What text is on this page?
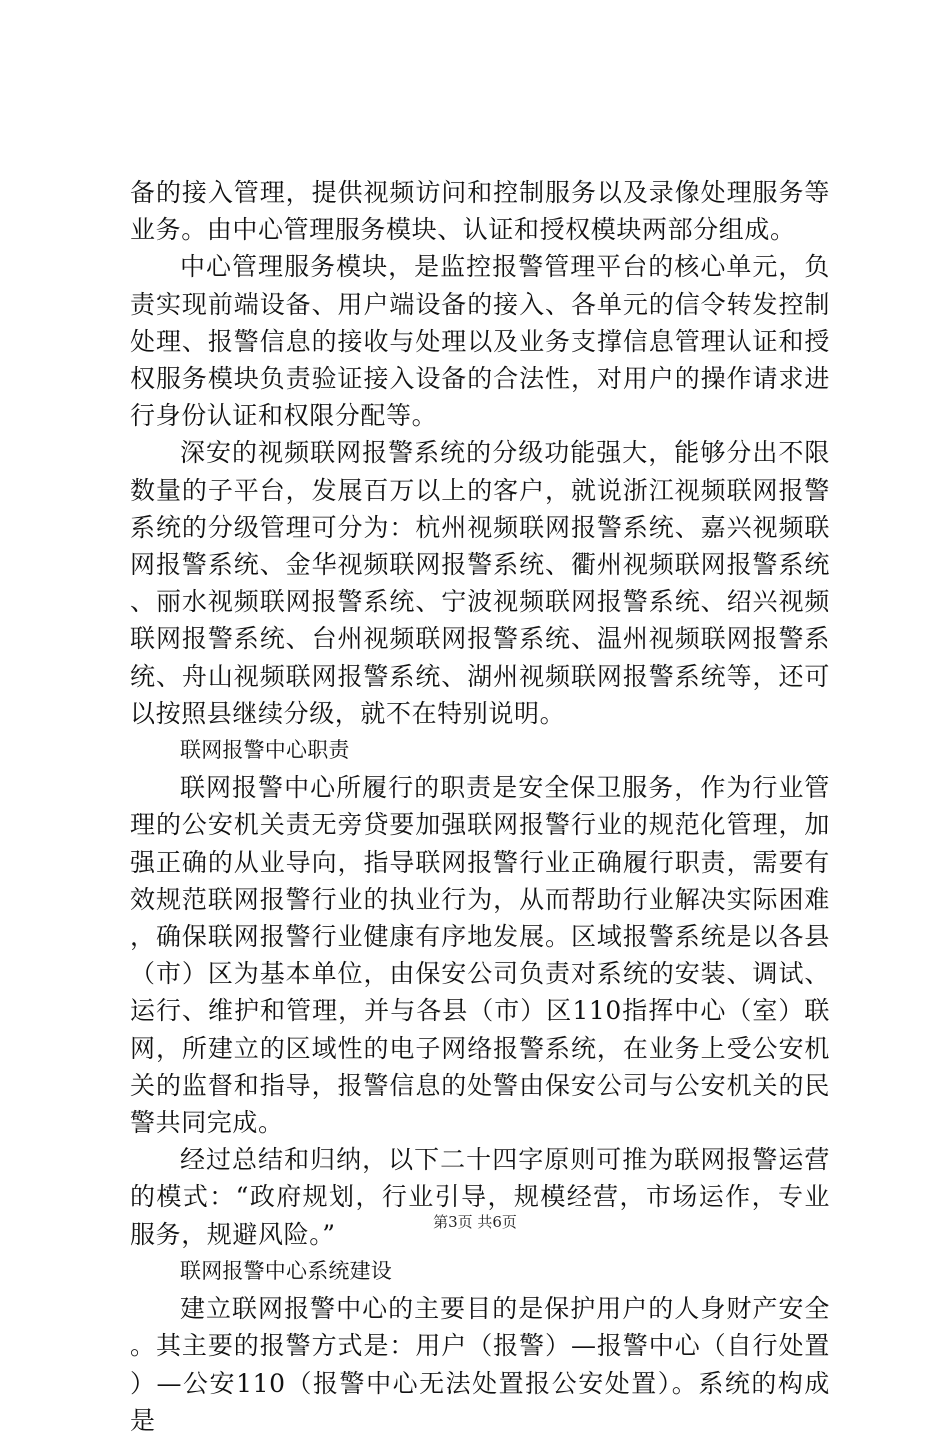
备的接入管理，提供视频访问和控制服务以及录像处理服务等业务。由中心管理服务模块、认证和授权模块两部分组成。

中心管理服务模块，是监控报警管理平台的核心单元，负责实现前端设备、用户端设备的接入、各单元的信令转发控制处理、报警信息的接收与处理以及业务支撑信息管理认证和授权服务模块负责验证接入设备的合法性，对用户的操作请求进行身份认证和权限分配等。

深安的视频联网报警系统的分级功能强大，能够分出不限数量的子平台，发展百万以上的客户，就说浙江视频联网报警系统的分级管理可分为：杭州视频联网报警系统、嘉兴视频联网报警系统、金华视频联网报警系统、衢州视频联网报警系统、丽水视频联网报警系统、宁波视频联网报警系统、绍兴视频联网报警系统、台州视频联网报警系统、温州视频联网报警系统、舟山视频联网报警系统、湖州视频联网报警系统等，还可以按照县继续分级，就不在特别说明。

联网报警中心职责

联网报警中心所履行的职责是安全保卫服务，作为行业管理的公安机关责无旁贷要加强联网报警行业的规范化管理，加强正确的从业导向，指导联网报警行业正确履行职责，需要有效规范联网报警行业的执业行为，从而帮助行业解决实际困难，确保联网报警行业健康有序地发展。区域报警系统是以各县（市）区为基本单位，由保安公司负责对系统的安装、调试、运行、维护和管理，并与各县（市）区110指挥中心（室）联网，所建立的区域性的电子网络报警系统，在业务上受公安机关的监督和指导，报警信息的处警由保安公司与公安机关的民警共同完成。

经过总结和归纳，以下二十四字原则可推为联网报警运营的模式：“政府规划，行业引导，规模经营，市场运作，专业服务，规避风险。”

联网报警中心系统建设

建立联网报警中心的主要目的是保护用户的人身财产安全。其主要的报警方式是：用户（报警）—报警中心（自行处置）—公安110（报警中心无法处置报公安处置）。系统的构成是

第3页 共6页
